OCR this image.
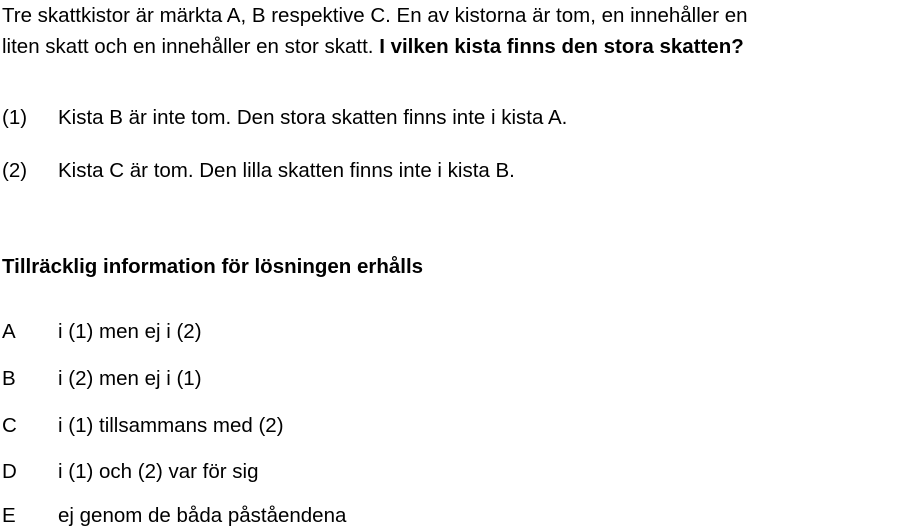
Tre skattkistor är märkta A, B respektive C. En av kistorna är tom, en innehåller en
liten skatt och en innehåller en stor skatt. I vilken kista finns den stora skatten?
(1) Kista B är inte tom. Den stora skatten finns inte i kista A.
(2) Kista C är tom. Den lilla skatten finns inte i kista B.
Tillräcklig information för lösningen erhålls
A i (1) men ej i (2)
B i (2) men ej i (1)
C i (1) tillsammans med (2)
D i (1) och (2) var för sig
E ej genom de båda påståendena
